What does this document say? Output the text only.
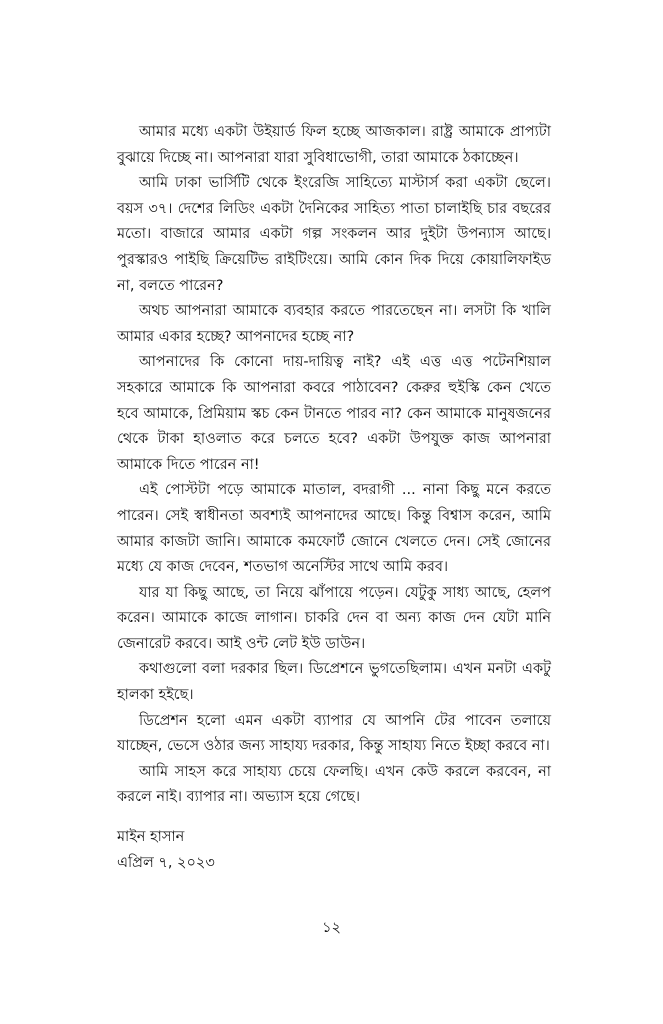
আমার মধ্যে একটা উইয়ার্ড ফিল হচ্ছে আজকাল। রাষ্ট্র আমাকে প্রাপ্যটা বুঝায়ে দিচ্ছে না। আপনারা যারা সুবিধাভোগী, তারা আমাকে ঠকাচ্ছেন।

আমি ঢাকা ভার্সিটি থেকে ইংরেজি সাহিত্যে মাস্টার্স করা একটা ছেলে। বয়স ৩৭। দেশের লিডিং একটা দৈনিকের সাহিত্য পাতা চালাইছি চার বছরের মতো। বাজারে আমার একটা গল্প সংকলন আর দুইটা উপন্যাস আছে। পুরস্কারও পাইছি ক্রিয়েটিভ রাইটিংয়ে। আমি কোন দিক দিয়ে কোয়ালিফাইড না, বলতে পারেন?

অথচ আপনারা আমাকে ব্যবহার করতে পারতেছেন না। লসটা কি খালি আমার একার হচ্ছে? আপনাদের হচ্ছে না?

আপনাদের কি কোনো দায়-দায়িত্ব নাই? এই এত্ত এত্ত পটেনশিয়াল সহকারে আমাকে কি আপনারা কবরে পাঠাবেন? কেরুর হুইস্কি কেন খেতে হবে আমাকে, প্রিমিয়াম স্কচ কেন টানতে পারব না? কেন আমাকে মানুষজনের থেকে টাকা হাওলাত করে চলতে হবে? একটা উপযুক্ত কাজ আপনারা আমাকে দিতে পারেন না!

এই পোস্টটা পড়ে আমাকে মাতাল, বদরাগী ... নানা কিছু মনে করতে পারেন। সেই স্বাধীনতা অবশ্যই আপনাদের আছে। কিন্তু বিশ্বাস করেন, আমি আমার কাজটা জানি। আমাকে কমফোর্ট জোনে খেলতে দেন। সেই জোনের মধ্যে যে কাজ দেবেন, শতভাগ অনেস্টির সাথে আমি করব।

যার যা কিছু আছে, তা নিয়ে ঝাঁপায়ে পড়েন। যেটুকু সাধ্য আছে, হেলপ করেন। আমাকে কাজে লাগান। চাকরি দেন বা অন্য কাজ দেন যেটা মানি জেনারেট করবে। আই ওন্ট লেট ইউ ডাউন।

কথাগুলো বলা দরকার ছিল। ডিপ্রেশনে ভুগতেছিলাম। এখন মনটা একটু হালকা হইছে।

ডিপ্রেশন হলো এমন একটা ব্যাপার যে আপনি টের পাবেন তলায়ে যাচ্ছেন, ভেসে ওঠার জন্য সাহায্য দরকার, কিন্তু সাহায্য নিতে ইচ্ছা করবে না।

আমি সাহস করে সাহায্য চেয়ে ফেলছি। এখন কেউ করলে করবেন, না করলে নাই। ব্যাপার না। অভ্যাস হয়ে গেছে।

মাইন হাসান
এপ্রিল ৭, ২০২৩
১২
